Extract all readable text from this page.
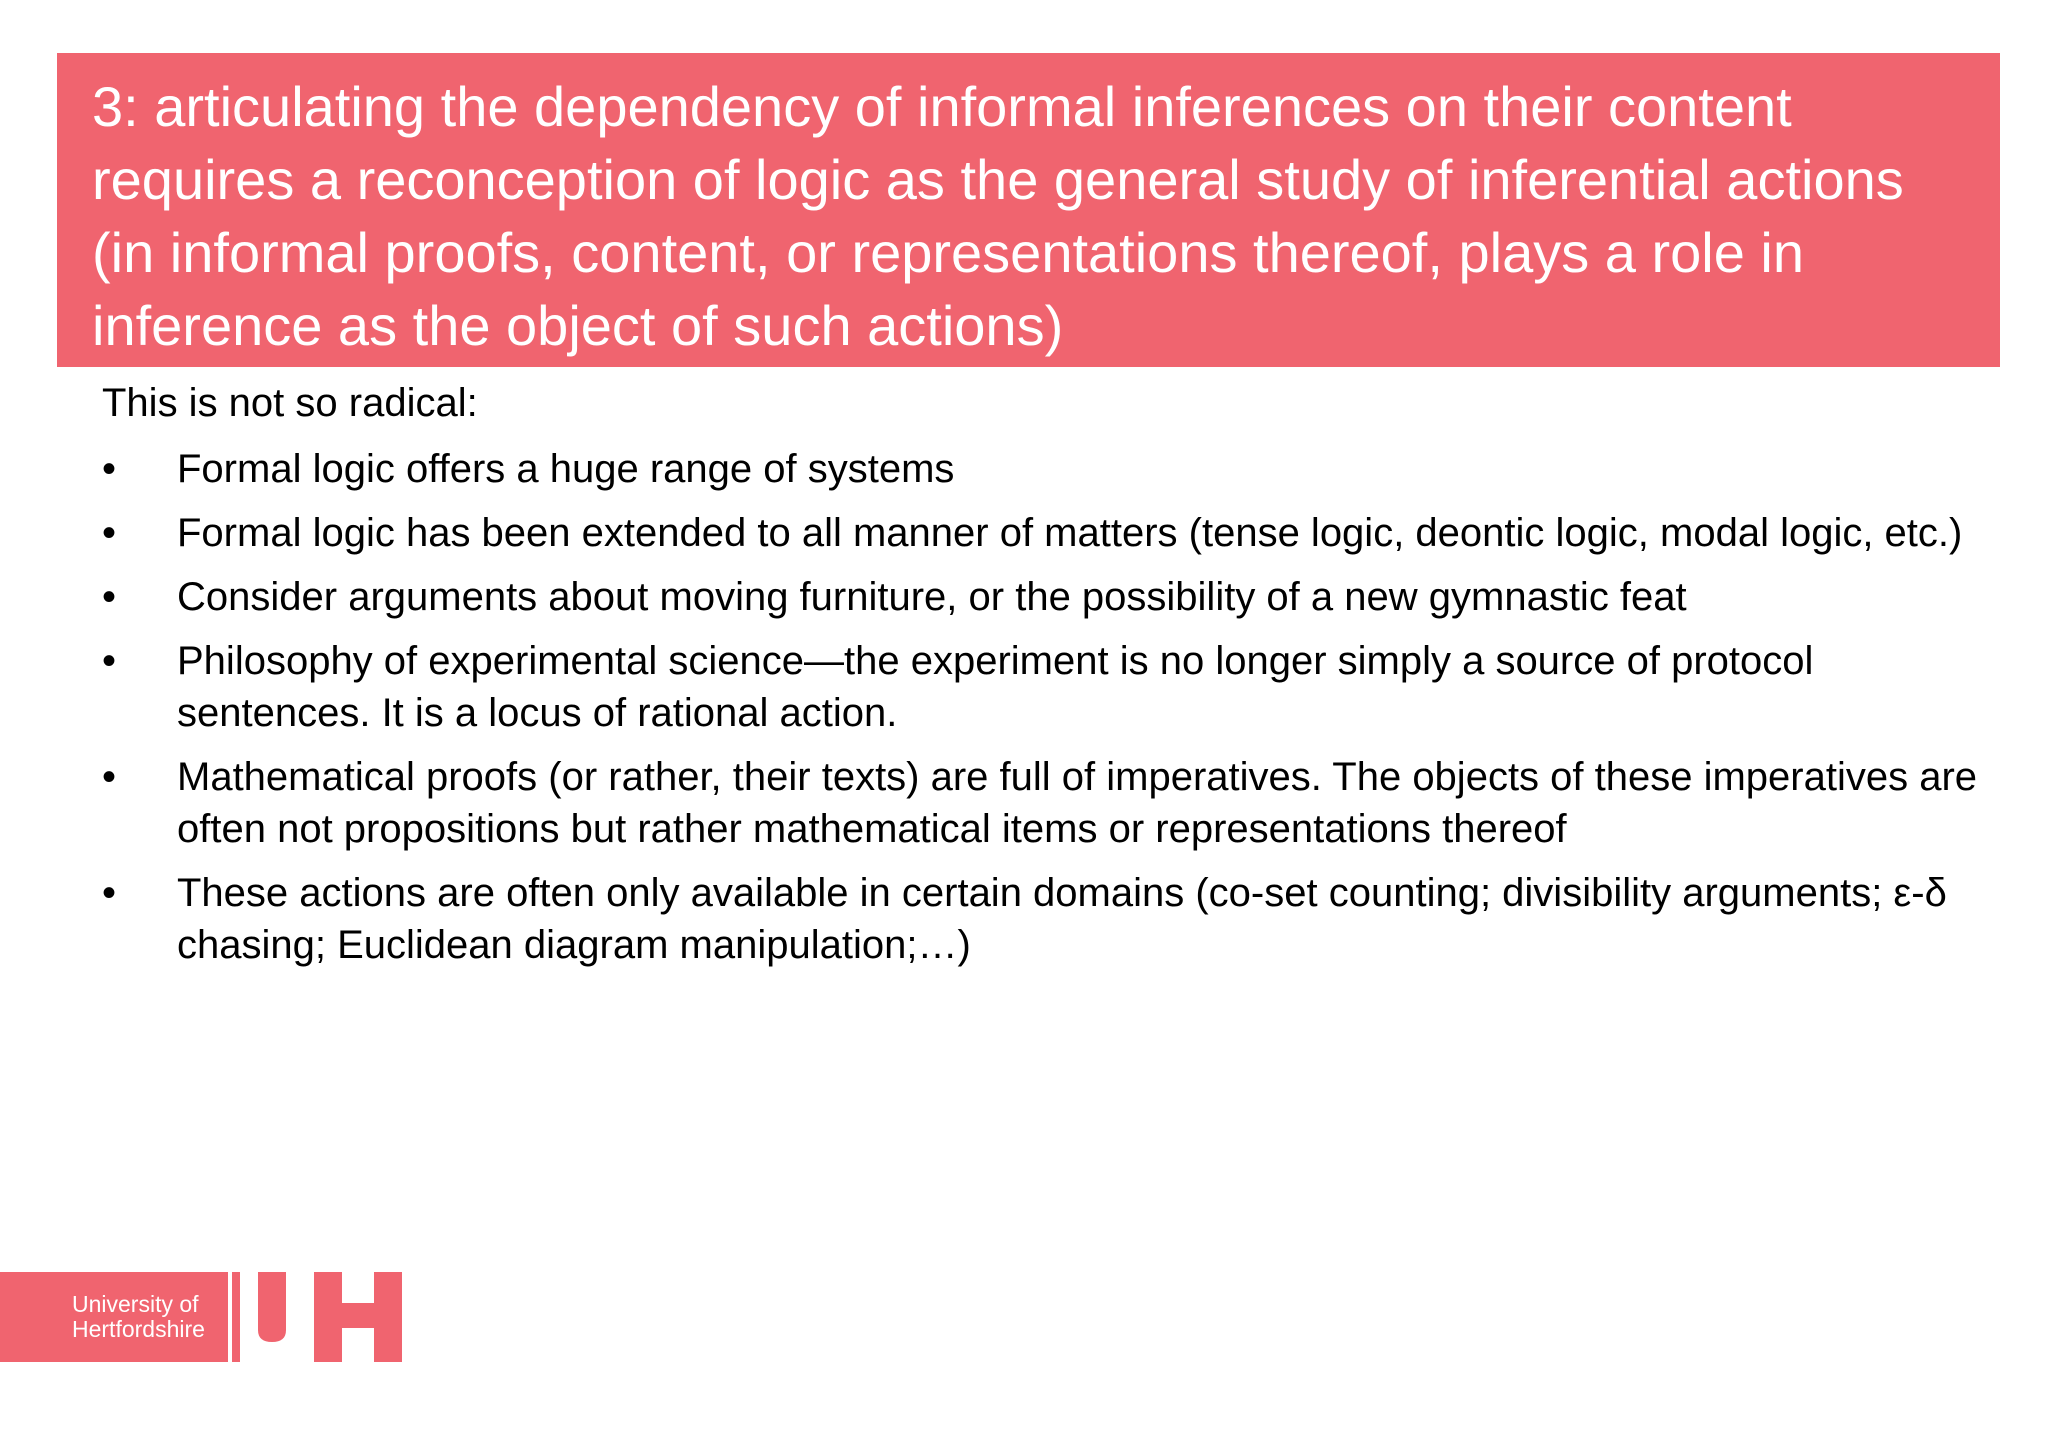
3: articulating the dependency of informal inferences on their content requires a reconception of logic as the general study of inferential actions (in informal proofs, content, or representations thereof, plays a role in inference as the object of such actions)

This is not so radical:

•	Formal logic offers a huge range of systems
•	Formal logic has been extended to all manner of matters (tense logic, deontic logic, modal logic, etc.)
•	Consider arguments about moving furniture, or the possibility of a new gymnastic feat
•	Philosophy of experimental science—the experiment is no longer simply a source of protocol sentences. It is a locus of rational action.
•	Mathematical proofs (or rather, their texts) are full of imperatives. The objects of these imperatives are often not propositions but rather mathematical items or representations thereof
•	These actions are often only available in certain domains (co-set counting; divisibility arguments; ε-δ chasing; Euclidean diagram manipulation;…)
University of
Hertfordshire
